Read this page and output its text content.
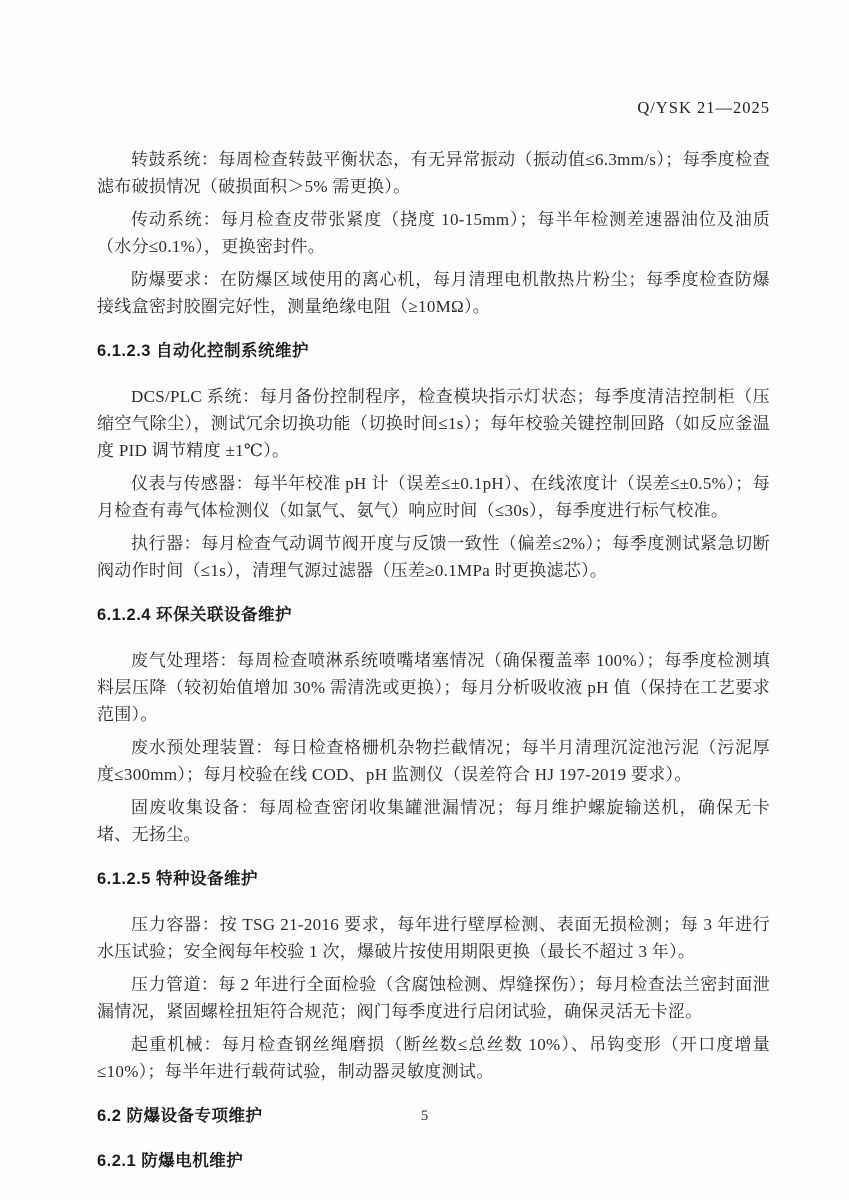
Q/YSK 21—2025

转鼓系统：每周检查转鼓平衡状态，有无异常振动（振动值≤6.3mm/s）；每季度检查滤布破损情况（破损面积＞5% 需更换）。

传动系统：每月检查皮带张紧度（挠度 10-15mm）；每半年检测差速器油位及油质（水分≤0.1%），更换密封件。

防爆要求：在防爆区域使用的离心机，每月清理电机散热片粉尘；每季度检查防爆接线盒密封胶圈完好性，测量绝缘电阻（≥10MΩ）。

6.1.2.3 自动化控制系统维护

DCS/PLC 系统：每月备份控制程序，检查模块指示灯状态；每季度清洁控制柜（压缩空气除尘），测试冗余切换功能（切换时间≤1s）；每年校验关键控制回路（如反应釜温度 PID 调节精度 ±1℃）。

仪表与传感器：每半年校准 pH 计（误差≤±0.1pH）、在线浓度计（误差≤±0.5%）；每月检查有毒气体检测仪（如氯气、氨气）响应时间（≤30s），每季度进行标气校准。

执行器：每月检查气动调节阀开度与反馈一致性（偏差≤2%）；每季度测试紧急切断阀动作时间（≤1s），清理气源过滤器（压差≥0.1MPa 时更换滤芯）。

6.1.2.4 环保关联设备维护

废气处理塔：每周检查喷淋系统喷嘴堵塞情况（确保覆盖率 100%）；每季度检测填料层压降（较初始值增加 30% 需清洗或更换）；每月分析吸收液 pH 值（保持在工艺要求范围）。

废水预处理装置：每日检查格栅机杂物拦截情况；每半月清理沉淀池污泥（污泥厚度≤300mm）；每月校验在线 COD、pH 监测仪（误差符合 HJ 197-2019 要求）。

固废收集设备：每周检查密闭收集罐泄漏情况；每月维护螺旋输送机，确保无卡堵、无扬尘。

6.1.2.5 特种设备维护

压力容器：按 TSG 21-2016 要求，每年进行壁厚检测、表面无损检测；每 3 年进行水压试验；安全阀每年校验 1 次，爆破片按使用期限更换（最长不超过 3 年）。

压力管道：每 2 年进行全面检验（含腐蚀检测、焊缝探伤）；每月检查法兰密封面泄漏情况，紧固螺栓扭矩符合规范；阀门每季度进行启闭试验，确保灵活无卡涩。

起重机械：每月检查钢丝绳磨损（断丝数≤总丝数 10%）、吊钩变形（开口度增量≤10%）；每半年进行载荷试验，制动器灵敏度测试。

6.2 防爆设备专项维护
6.2.1 防爆电机维护
5
